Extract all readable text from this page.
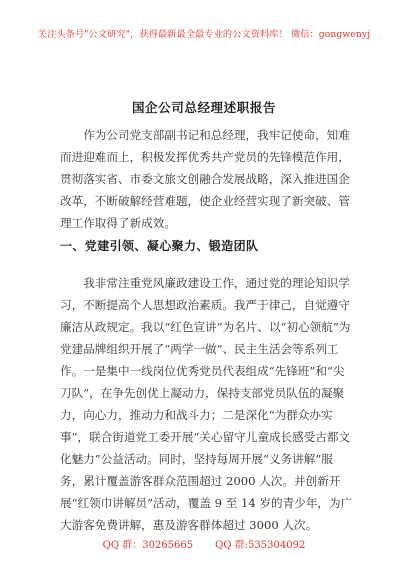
关注头条号"公文研究"，获得最新最全最专业的公文资料库！ 微信：gongwenyj
国企公司总经理述职报告
作为公司党支部副书记和总经理，我牢记使命，知难而进迎难而上，积极发挥优秀共产党员的先锋模范作用，贯彻落实省、市委文旅文创融合发展战略，深入推进国企改革，不断破解经营难题，使企业经营实现了新突破、管理工作取得了新成效。
一、党建引领、凝心聚力、锻造团队
我非常注重党风廉政建设工作，通过党的理论知识学习，不断提高个人思想政治素质。我严于律己，自觉遵守廉洁从政规定。我以“红色宣讲”为名片、以“初心领航”为党建品牌组织开展了“两学一做”、民主生活会等系列工作。一是集中一线岗位优秀党员代表组成“先锋班”和“尖刀队”，在争先创优上凝动力，保持支部党员队伍的凝聚力，向心力，推动力和战斗力；二是深化“为群众办实事”，联合街道党工委开展“关心留守儿童成长感受古都文化魅力”公益活动。同时，坚持每周开展“义务讲解”服务，累计覆盖游客群众范围超过 2000 人次。并创新开展“红领巾讲解员”活动，覆盖 9 至 14 岁的青少年，为广大游客免费讲解，惠及游客群体超过 3000 人次。
QQ 群：30265665 QQ 群:535304092
